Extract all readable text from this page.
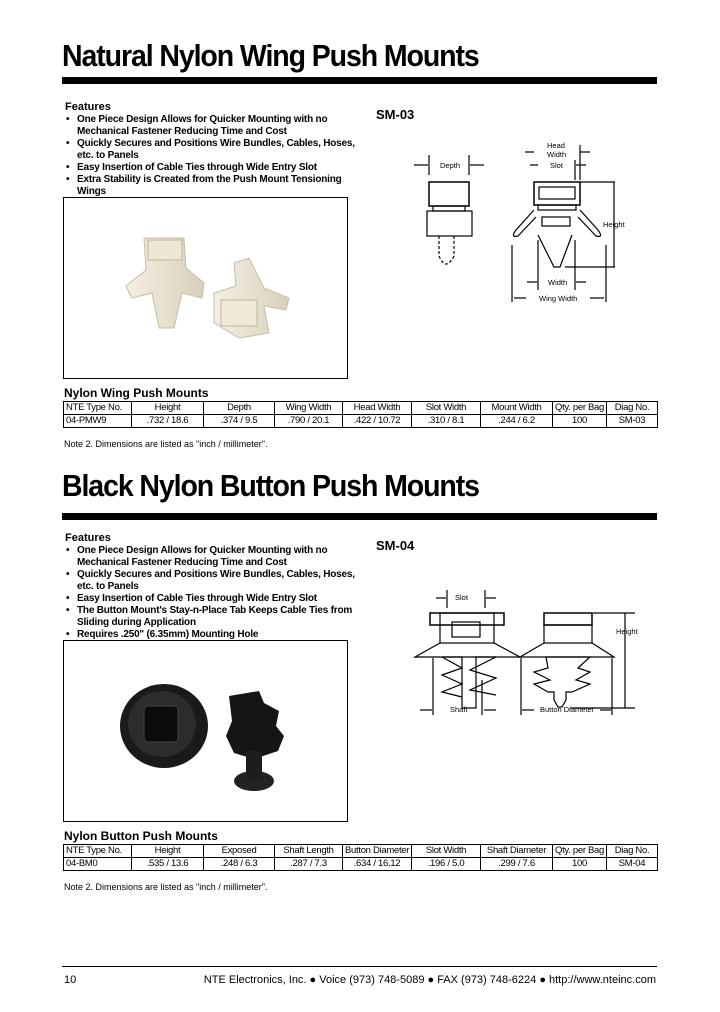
Natural Nylon Wing Push Mounts
Features
• One Piece Design Allows for Quicker Mounting with no Mechanical Fastener Reducing Time and Cost
• Quickly Secures and Positions Wire Bundles, Cables, Hoses, etc. to Panels
• Easy Insertion of Cable Ties through Wide Entry Slot
• Extra Stability is Created from the Push Mount Tensioning Wings
SM-03
Depth
Head
Width
Slot
Height
Width
Wing Width
Nylon Wing Push Mounts
NTE Type No.	Height	Depth	Wing Width	Head Width	Slot Width	Mount Width	Qty. per Bag	Diag No.
04-PMW9	.732 / 18.6	.374 / 9.5	.790 / 20.1	.422 / 10.72	.310 / 8.1	.244 / 6.2	100	SM-03
Note 2. Dimensions are listed as "inch / millimeter".
Black Nylon Button Push Mounts
Features
• One Piece Design Allows for Quicker Mounting with no Mechanical Fastener Reducing Time and Cost
• Quickly Secures and Positions Wire Bundles, Cables, Hoses, etc. to Panels
• Easy Insertion of Cable Ties through Wide Entry Slot
• The Button Mount's Stay-n-Place Tab Keeps Cable Ties from Sliding during Application
• Requires .250" (6.35mm) Mounting Hole
SM-04
Slot
Height
Shaft	Button Diameter
Nylon Button Push Mounts
NTE Type No.	Height	Exposed	Shaft Length	Button Diameter	Slot Width	Shaft Diameter	Qty. per Bag	Diag No.
04-BM0	.535 / 13.6	.248 / 6.3	.287 / 7.3	.634 / 16.12	.196 / 5.0	.299 / 7.6	100	SM-04
Note 2. Dimensions are listed as "inch / millimeter".
10	NTE Electronics, Inc. ● Voice (973) 748-5089 ● FAX (973) 748-6224 ● http://www.nteinc.com
